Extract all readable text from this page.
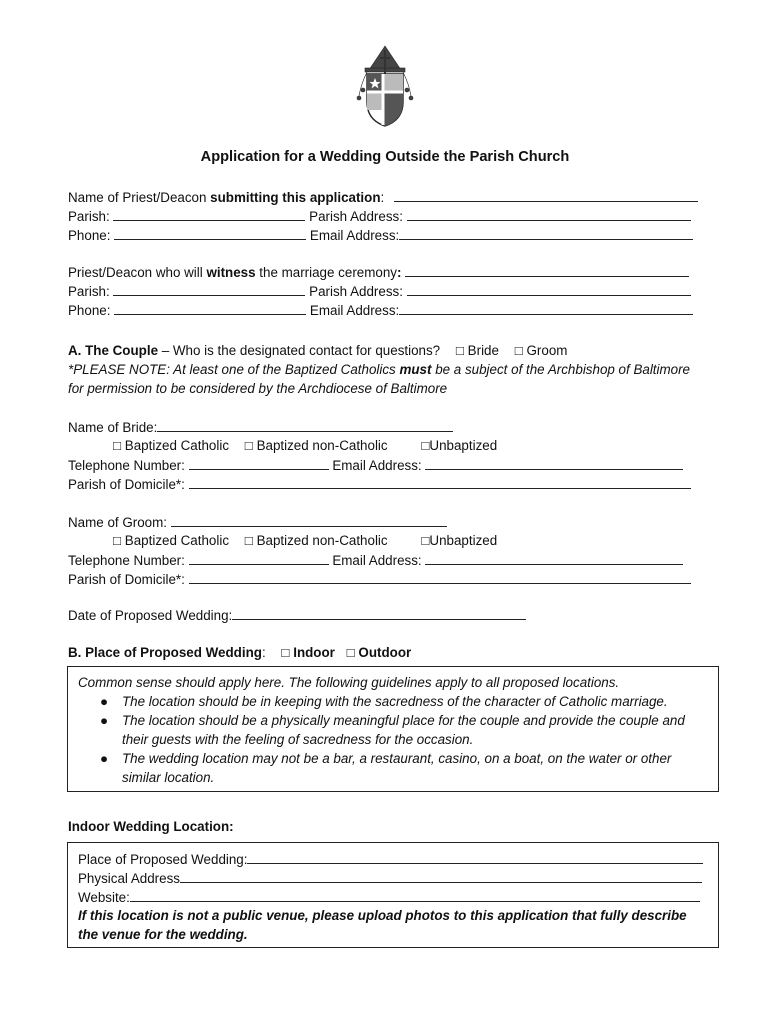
Application for a Wedding Outside the Parish Church
Name of Priest/Deacon submitting this application:
Parish:	Parish Address:
Phone:	Email Address:
Priest/Deacon who will witness the marriage ceremony:
Parish:	Parish Address:
Phone:	Email Address:
A. The Couple – Who is the designated contact for questions? □ Bride □ Groom
*PLEASE NOTE: At least one of the Baptized Catholics must be a subject of the Archbishop of Baltimore
for permission to be considered by the Archdiocese of Baltimore
Name of Bride:
□ Baptized Catholic □ Baptized non-Catholic	□Unbaptized
Telephone Number:	Email Address:
Parish of Domicile*:
Name of Groom:
□ Baptized Catholic □ Baptized non-Catholic	□Unbaptized
Telephone Number:	Email Address:
Parish of Domicile*:
Date of Proposed Wedding:
B. Place of Proposed Wedding: □ Indoor □ Outdoor
Common sense should apply here. The following guidelines apply to all proposed locations.
● The location should be in keeping with the sacredness of the character of Catholic marriage.
● The location should be a physically meaningful place for the couple and provide the couple and their guests with the feeling of sacredness for the occasion.
● The wedding location may not be a bar, a restaurant, casino, on a boat, on the water or other similar location.
Indoor Wedding Location:
Place of Proposed Wedding:
Physical Address
Website:
If this location is not a public venue, please upload photos to this application that fully describe the venue for the wedding.
